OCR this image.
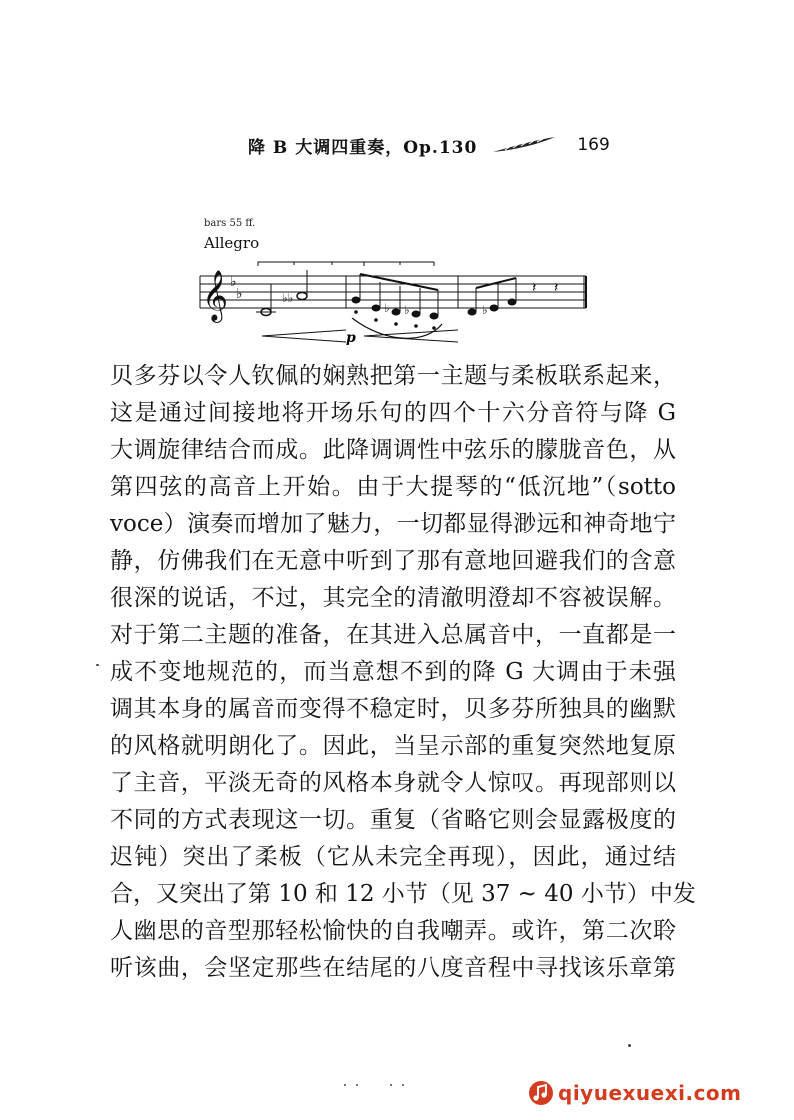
降 B 大调四重奏，Op.130	169
bars 55 ff.
Allegro
𝄞 ♭
♭	♭♭
♭ ♭	♭
𝄽 𝄽
p
贝多芬以令人钦佩的娴熟把第一主题与柔板联系起来，
这是通过间接地将开场乐句的四个十六分音符与降 G
大调旋律结合而成。此降调调性中弦乐的朦胧音色，从
第四弦的高音上开始。由于大提琴的“低沉地”（sotto
voce）演奏而增加了魅力，一切都显得渺远和神奇地宁
静，仿佛我们在无意中听到了那有意地回避我们的含意
很深的说话，不过，其完全的清澈明澄却不容被误解。
对于第二主题的准备，在其进入总属音中，一直都是一
成不变地规范的，而当意想不到的降 G 大调由于未强
调其本身的属音而变得不稳定时，贝多芬所独具的幽默
的风格就明朗化了。因此，当呈示部的重复突然地复原
了主音，平淡无奇的风格本身就令人惊叹。再现部则以
不同的方式表现这一切。重复（省略它则会显露极度的
迟钝）突出了柔板（它从未完全再现），因此，通过结
合，又突出了第 10 和 12 小节（见 37 ~ 40 小节）中发
人幽思的音型那轻松愉快的自我嘲弄。或许，第二次聆
听该曲，会坚定那些在结尾的八度音程中寻找该乐章第
qiyuexuexi.com
